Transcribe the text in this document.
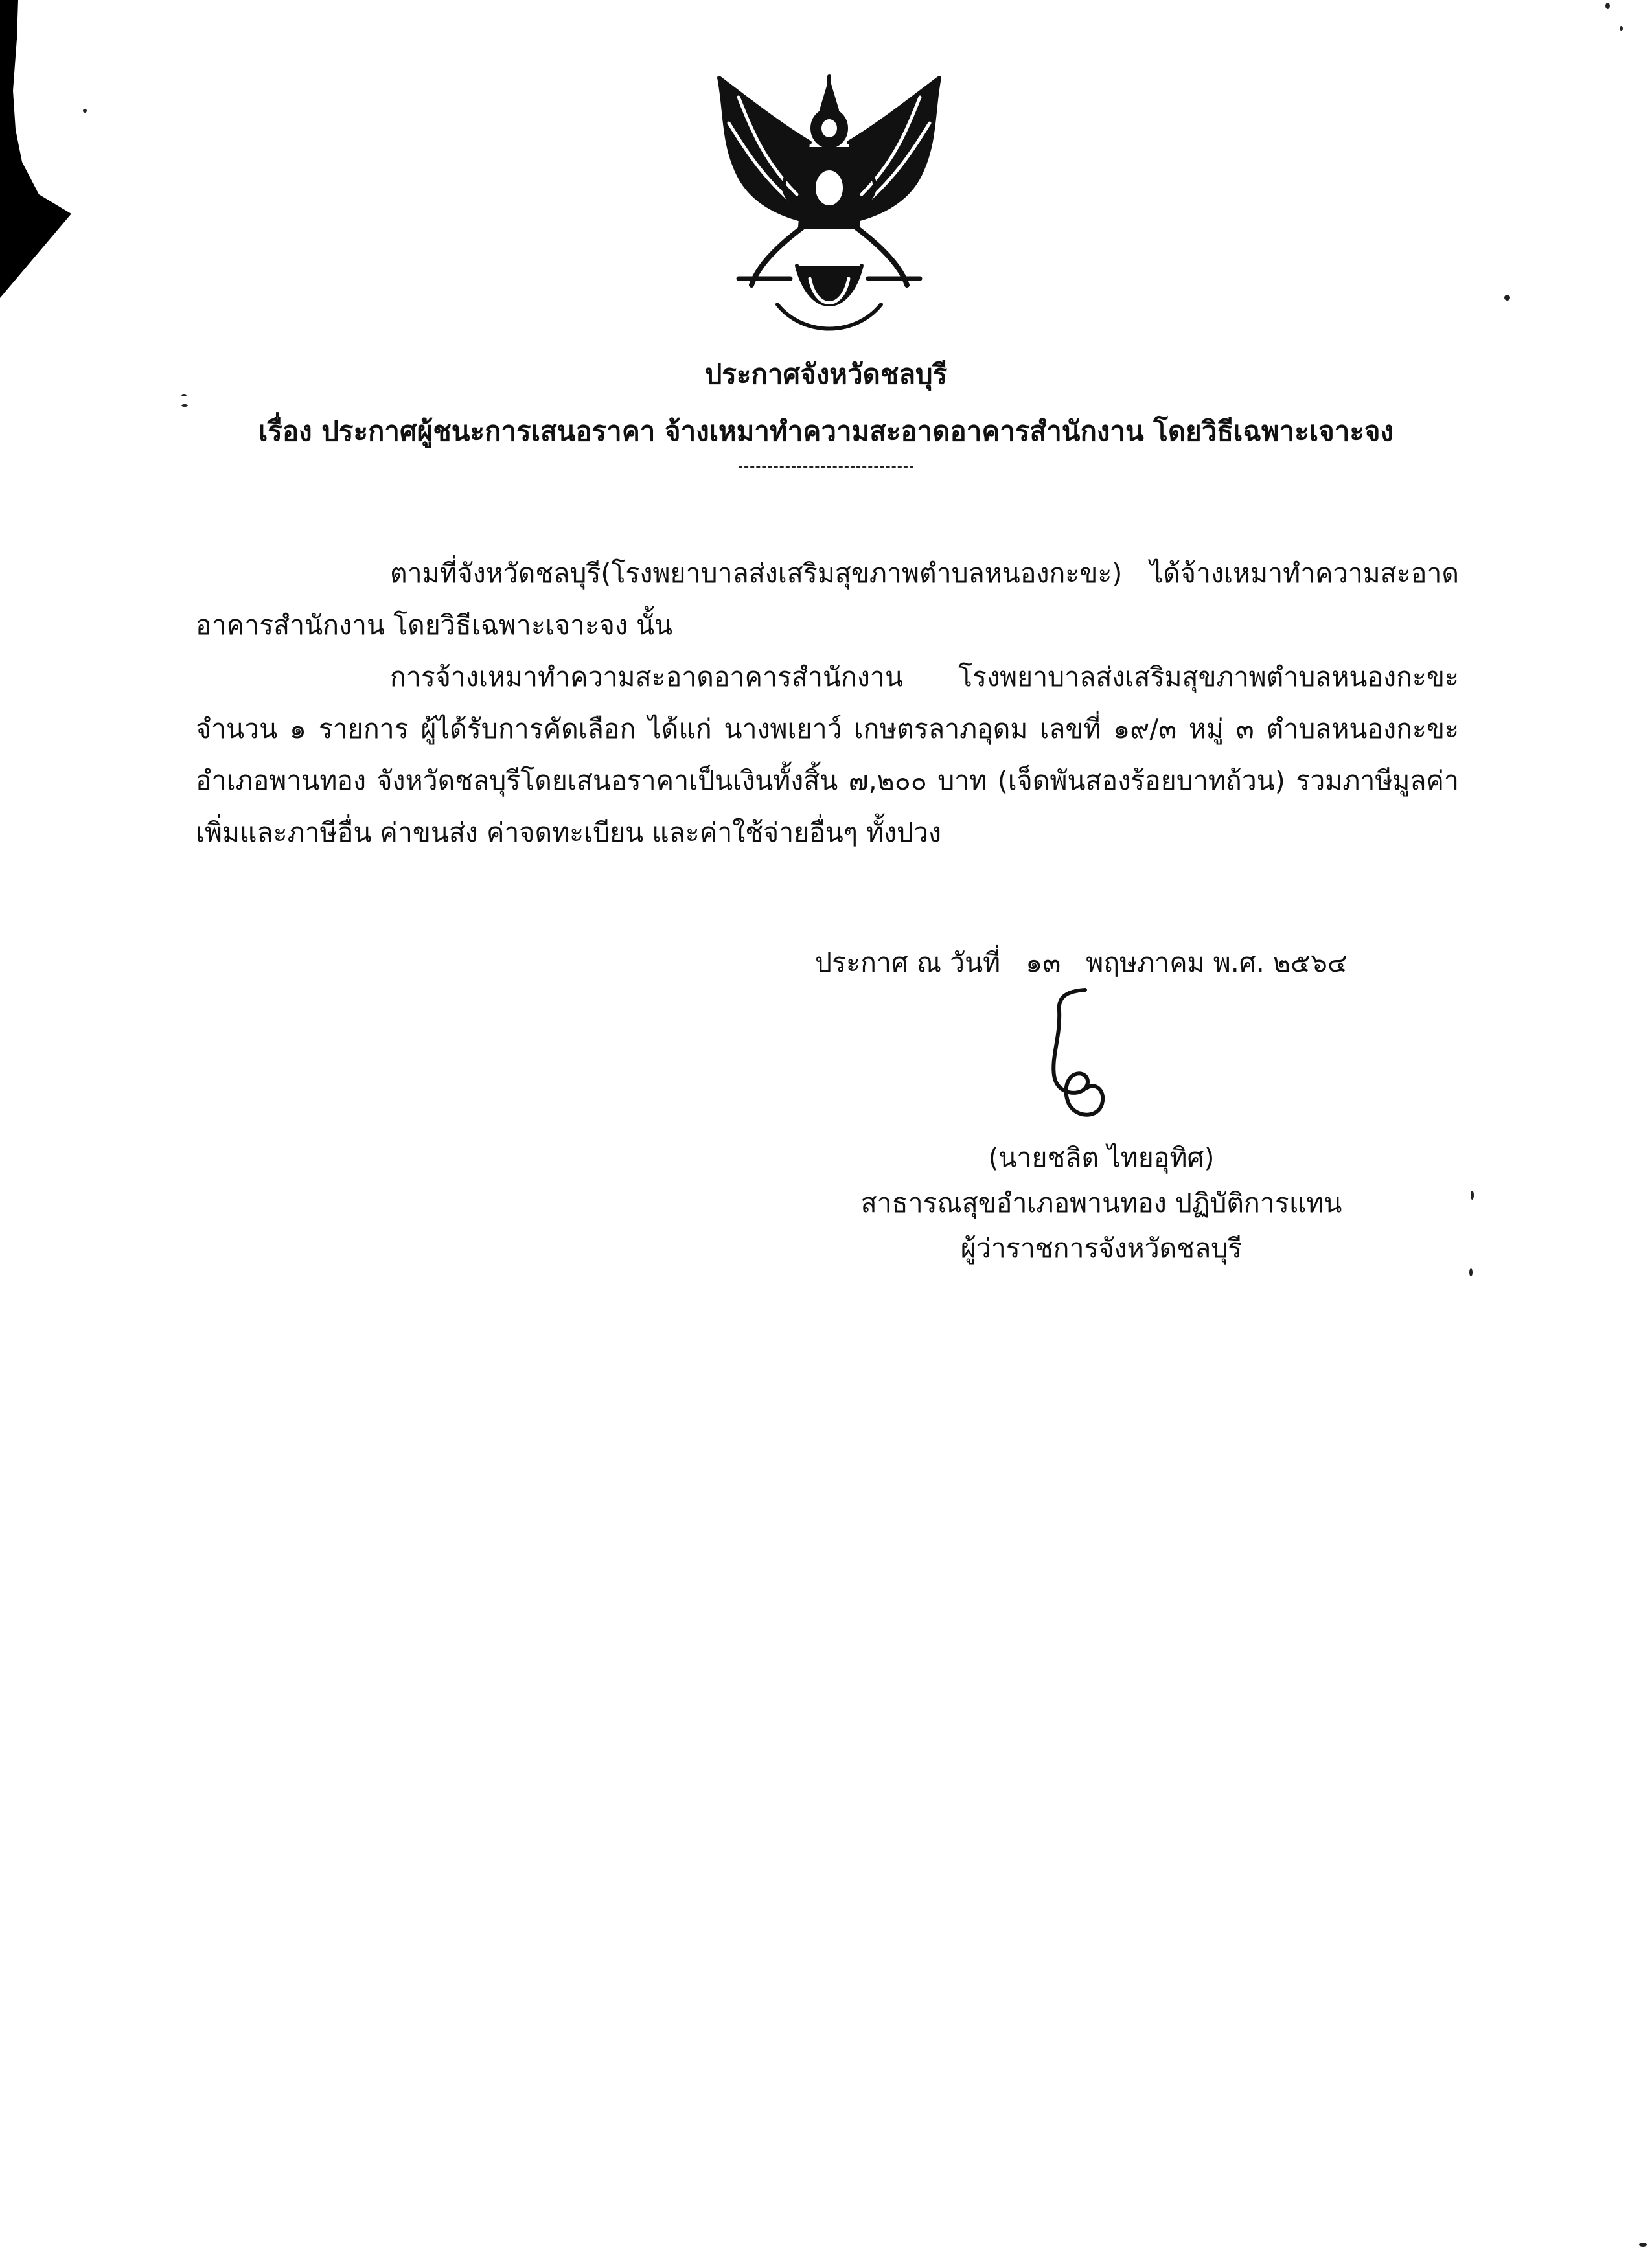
ประกาศจังหวัดชลบุรี
เรื่อง ประกาศผู้ชนะการเสนอราคา จ้างเหมาทำความสะอาดอาคารสำนักงาน โดยวิธีเฉพาะเจาะจง
ตามที่จังหวัดชลบุรี(โรงพยาบาลส่งเสริมสุขภาพตำบลหนองกะขะ) ได้จ้างเหมาทำความสะอาด อาคารสำนักงาน โดยวิธีเฉพาะเจาะจง นั้น
การจ้างเหมาทำความสะอาดอาคารสำนักงาน โรงพยาบาลส่งเสริมสุขภาพตำบลหนองกะขะ จำนวน ๑ รายการ ผู้ได้รับการคัดเลือก ได้แก่ นางพเยาว์ เกษตรลาภอุดม เลขที่ ๑๙/๓ หมู่ ๓ ตำบลหนองกะขะ อำเภอพานทอง จังหวัดชลบุรีโดยเสนอราคาเป็นเงินทั้งสิ้น ๗,๒๐๐ บาท (เจ็ดพันสองร้อยบาทถ้วน) รวมภาษีมูลค่าเพิ่มและภาษีอื่น ค่าขนส่ง ค่าจดทะเบียน และค่าใช้จ่ายอื่นๆ ทั้งปวง
ประกาศ ณ วันที่ ๑๓ พฤษภาคม พ.ศ. ๒๕๖๔
(นายชลิต ไทยอุทิศ)
สาธารณสุขอำเภอพานทอง ปฏิบัติการแทน
ผู้ว่าราชการจังหวัดชลบุรี
